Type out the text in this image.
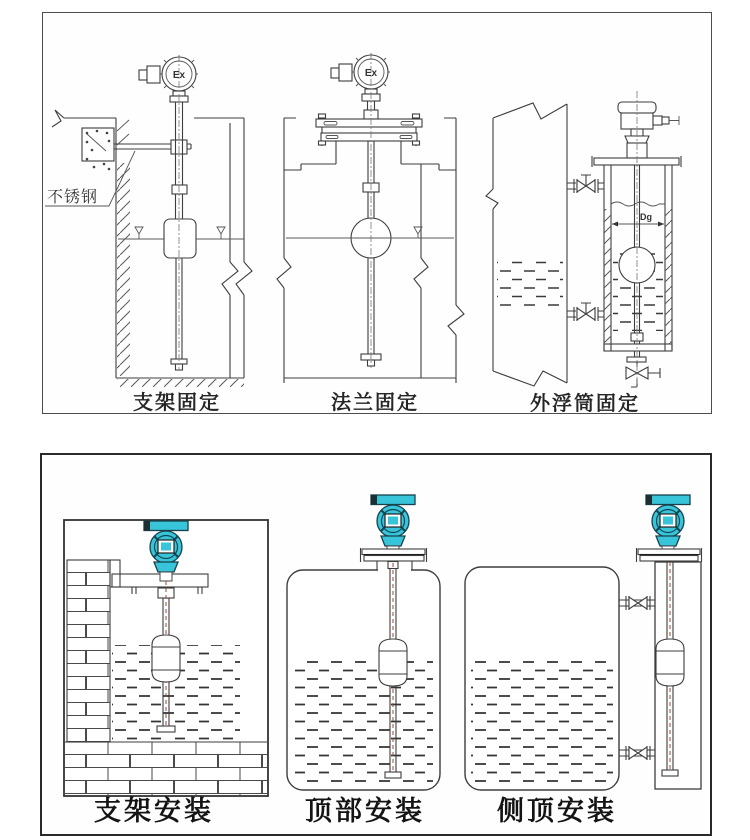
不锈钢
Ex
支架固定
Ex
法兰固定
Dg
外浮筒固定
支架安装	顶部安装	侧顶安装
